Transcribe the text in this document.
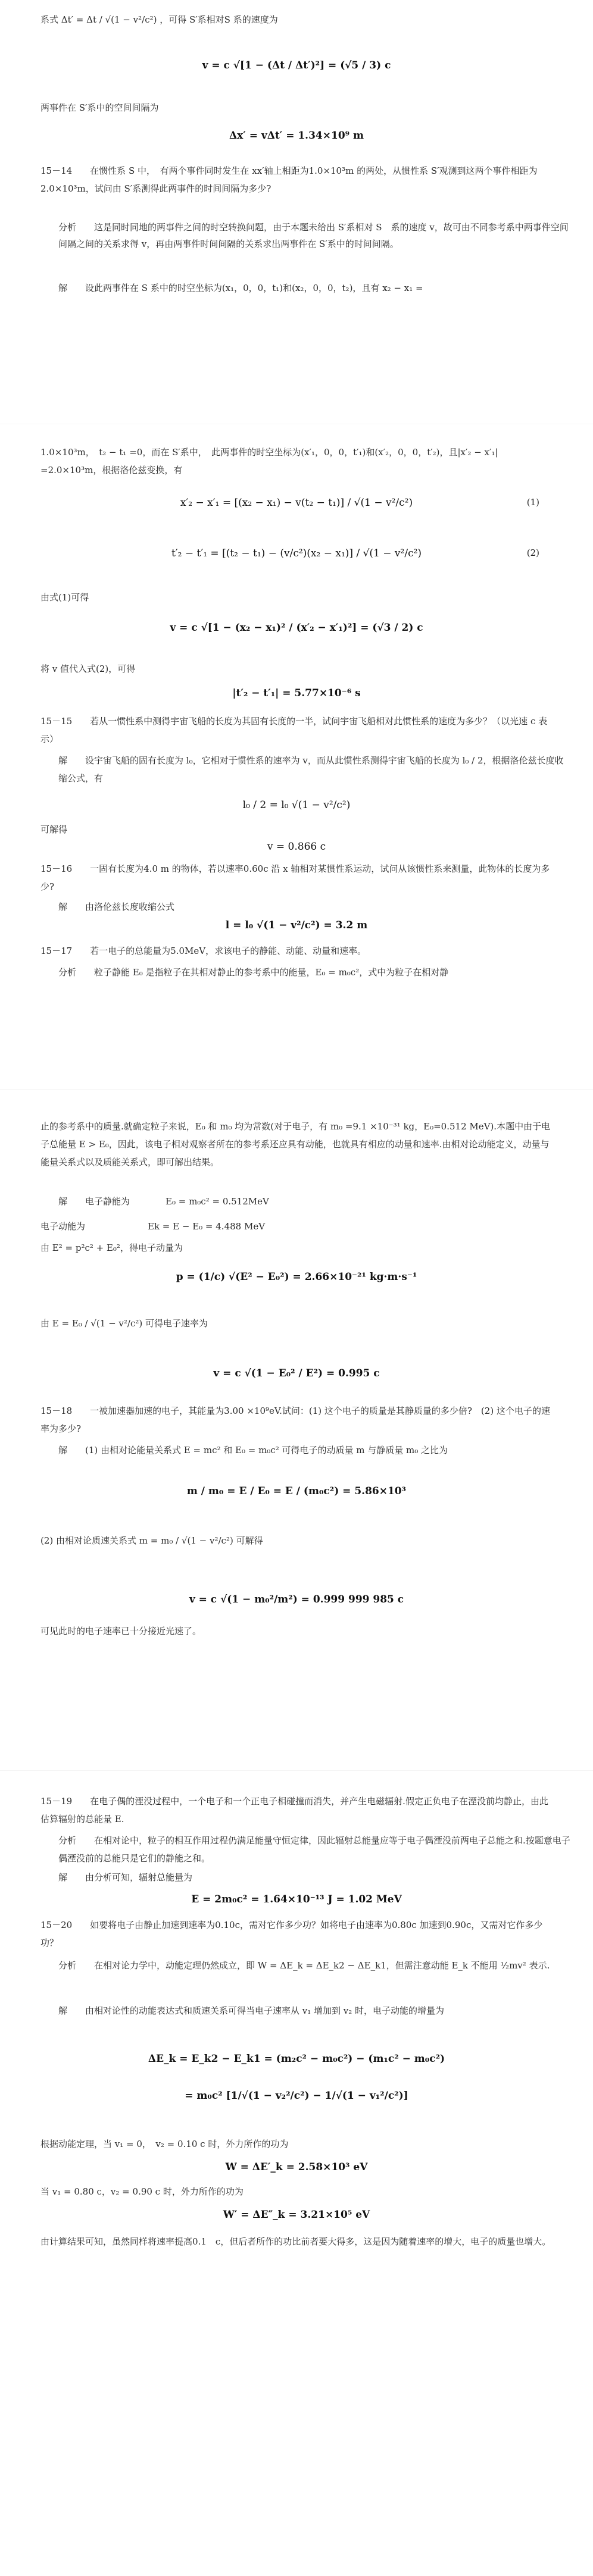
系式 Δt′ = Δt / √(1 − v²/c²) ，可得 S′系相对S 系的速度为
v = c √[1 − (Δt / Δt′)²] = (√5 / 3) c
两事件在 S′系中的空间间隔为
Δx′ = vΔt′ = 1.34×10⁹ m
15－14　　在惯性系 S 中，　有两个事件同时发生在 xx′轴上相距为1.0×10³m 的两处，从惯性系 S′观测到这两个事件相距为2.0×10³m，试问由 S′系测得此两事件的时间间隔为多少?
分析　　这是同时同地的两事件之间的时空转换问题，由于本题未给出 S′系相对 S　系的速度 v，故可由不同参考系中两事件空间间隔之间的关系求得 v，再由两事件时间间隔的关系求出两事件在 S′系中的时间间隔。
解　　设此两事件在 S 系中的时空坐标为(x₁，0，0，t₁)和(x₂，0，0，t₂)，且有 x₂ − x₁ =
1.0×10³m，　t₂ − t₁ =0，而在 S′系中，　此两事件的时空坐标为(x′₁，0，0，t′₁)和(x′₂，0，0，t′₂)，且|x′₂ − x′₁| =2.0×10³m，根据洛伦兹变换，有
x′₂ − x′₁ = [(x₂ − x₁) − v(t₂ − t₁)] / √(1 − v²/c²)	(1)
t′₂ − t′₁ = [(t₂ − t₁) − (v/c²)(x₂ − x₁)] / √(1 − v²/c²)	(2)
由式(1)可得
v = c √[1 − (x₂ − x₁)² / (x′₂ − x′₁)²] = (√3 / 2) c
将 v 值代入式(2)，可得
|t′₂ − t′₁| = 5.77×10⁻⁶ s
15－15　　若从一惯性系中测得宇宙飞船的长度为其固有长度的一半，试问宇宙飞船相对此惯性系的速度为多少？（以光速 c 表示）
解　　设宇宙飞船的固有长度为 l₀，它相对于惯性系的速率为 v，而从此惯性系测得宇宙飞船的长度为 l₀ / 2，根据洛伦兹长度收缩公式，有
l₀ / 2 = l₀ √(1 − v²/c²)
可解得
v = 0.866 c
15－16　　一固有长度为4.0 m 的物体，若以速率0.60c 沿 x 轴相对某惯性系运动，试问从该惯性系来测量，此物体的长度为多少?
解　　由洛伦兹长度收缩公式
l = l₀ √(1 − v²/c²) = 3.2 m
15－17　　若一电子的总能量为5.0MeV，求该电子的静能、动能、动量和速率。
分析　　粒子静能 E₀ 是指粒子在其相对静止的参考系中的能量，E₀ = m₀c²，式中为粒子在相对静
止的参考系中的质量.就确定粒子来说，E₀ 和 m₀ 均为常数(对于电子，有 m₀ =9.1 ×10⁻³¹ kg，E₀=0.512 MeV).本题中由于电子总能量 E > E₀，因此，该电子相对观察者所在的参考系还应具有动能，也就具有相应的动量和速率.由相对论动能定义，动量与能量关系式以及质能关系式，即可解出结果。
解　　电子静能为　　　　E₀ = m₀c² = 0.512MeV
电子动能为　　　　　　　Ek = E − E₀ = 4.488 MeV
由 E² = p²c² + E₀²，得电子动量为
p = (1/c) √(E² − E₀²) = 2.66×10⁻²¹ kg·m·s⁻¹
由 E = E₀ / √(1 − v²/c²) 可得电子速率为
v = c √(1 − E₀² / E²) = 0.995 c
15－18　　一被加速器加速的电子，其能量为3.00 ×10⁹eV.试问：(1) 这个电子的质量是其静质量的多少倍?　(2) 这个电子的速率为多少?
解　　(1) 由相对论能量关系式 E = mc² 和 E₀ = m₀c² 可得电子的动质量 m 与静质量 m₀ 之比为
m / m₀ = E / E₀ = E / (m₀c²) = 5.86×10³
(2) 由相对论质速关系式 m = m₀ / √(1 − v²/c²) 可解得
v = c √(1 − m₀²/m²) = 0.999 999 985 c
可见此时的电子速率已十分接近光速了。
15－19　　在电子偶的湮没过程中，一个电子和一个正电子相碰撞而消失，并产生电磁辐射.假定正负电子在湮没前均静止，由此估算辐射的总能量 E.
分析　　在相对论中，粒子的相互作用过程仍满足能量守恒定律，因此辐射总能量应等于电子偶湮没前两电子总能之和.按题意电子偶湮没前的总能只是它们的静能之和。
解　　由分析可知，辐射总能量为
E = 2m₀c² = 1.64×10⁻¹³ J = 1.02 MeV
15－20　　如要将电子由静止加速到速率为0.10c，需对它作多少功？如将电子由速率为0.80c 加速到0.90c，又需对它作多少功？
分析　　在相对论力学中，动能定理仍然成立，即 W = ΔE_k = ΔE_k2 − ΔE_k1，但需注意动能 E_k 不能用 ½mv² 表示.
解　　由相对论性的动能表达式和质速关系可得当电子速率从 v₁ 增加到 v₂ 时，电子动能的增量为
ΔE_k = E_k2 − E_k1 = (m₂c² − m₀c²) − (m₁c² − m₀c²)
= m₀c² [1/√(1 − v₂²/c²) − 1/√(1 − v₁²/c²)]
根据动能定理，当 v₁ = 0，　v₂ = 0.10 c 时，外力所作的功为
W = ΔE′_k = 2.58×10³ eV
当 v₁ = 0.80 c，v₂ = 0.90 c 时，外力所作的功为
W′ = ΔE″_k = 3.21×10⁵ eV
由计算结果可知，虽然同样将速率提高0.1　c，但后者所作的功比前者要大得多，这是因为随着速率的增大，电子的质量也增大。
